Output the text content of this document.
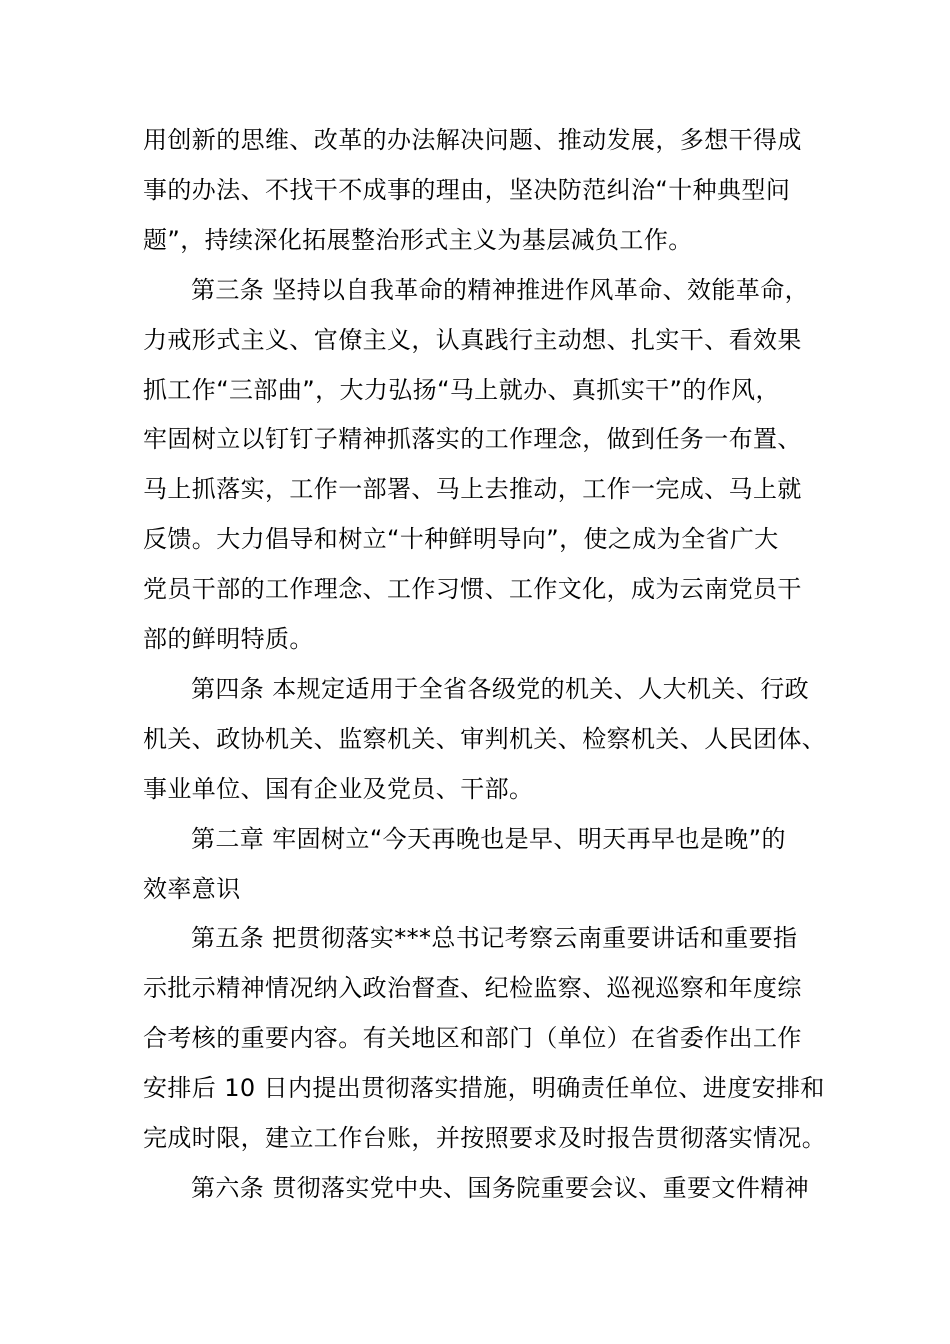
用创新的思维、改革的办法解决问题、推动发展，多想干得成
事的办法、不找干不成事的理由，坚决防范纠治“十种典型问
题”，持续深化拓展整治形式主义为基层减负工作。
第三条 坚持以自我革命的精神推进作风革命、效能革命，
力戒形式主义、官僚主义，认真践行主动想、扎实干、看效果
抓工作“三部曲”，大力弘扬“马上就办、真抓实干”的作风，
牢固树立以钉钉子精神抓落实的工作理念，做到任务一布置、
马上抓落实，工作一部署、马上去推动，工作一完成、马上就
反馈。大力倡导和树立“十种鲜明导向”，使之成为全省广大
党员干部的工作理念、工作习惯、工作文化，成为云南党员干
部的鲜明特质。
第四条 本规定适用于全省各级党的机关、人大机关、行政
机关、政协机关、监察机关、审判机关、检察机关、人民团体、
事业单位、国有企业及党员、干部。
第二章 牢固树立“今天再晚也是早、明天再早也是晚”的
效率意识
第五条 把贯彻落实***总书记考察云南重要讲话和重要指
示批示精神情况纳入政治督查、纪检监察、巡视巡察和年度综
合考核的重要内容。有关地区和部门（单位）在省委作出工作
安排后 10 日内提出贯彻落实措施，明确责任单位、进度安排和
完成时限，建立工作台账，并按照要求及时报告贯彻落实情况。
第六条 贯彻落实党中央、国务院重要会议、重要文件精神
